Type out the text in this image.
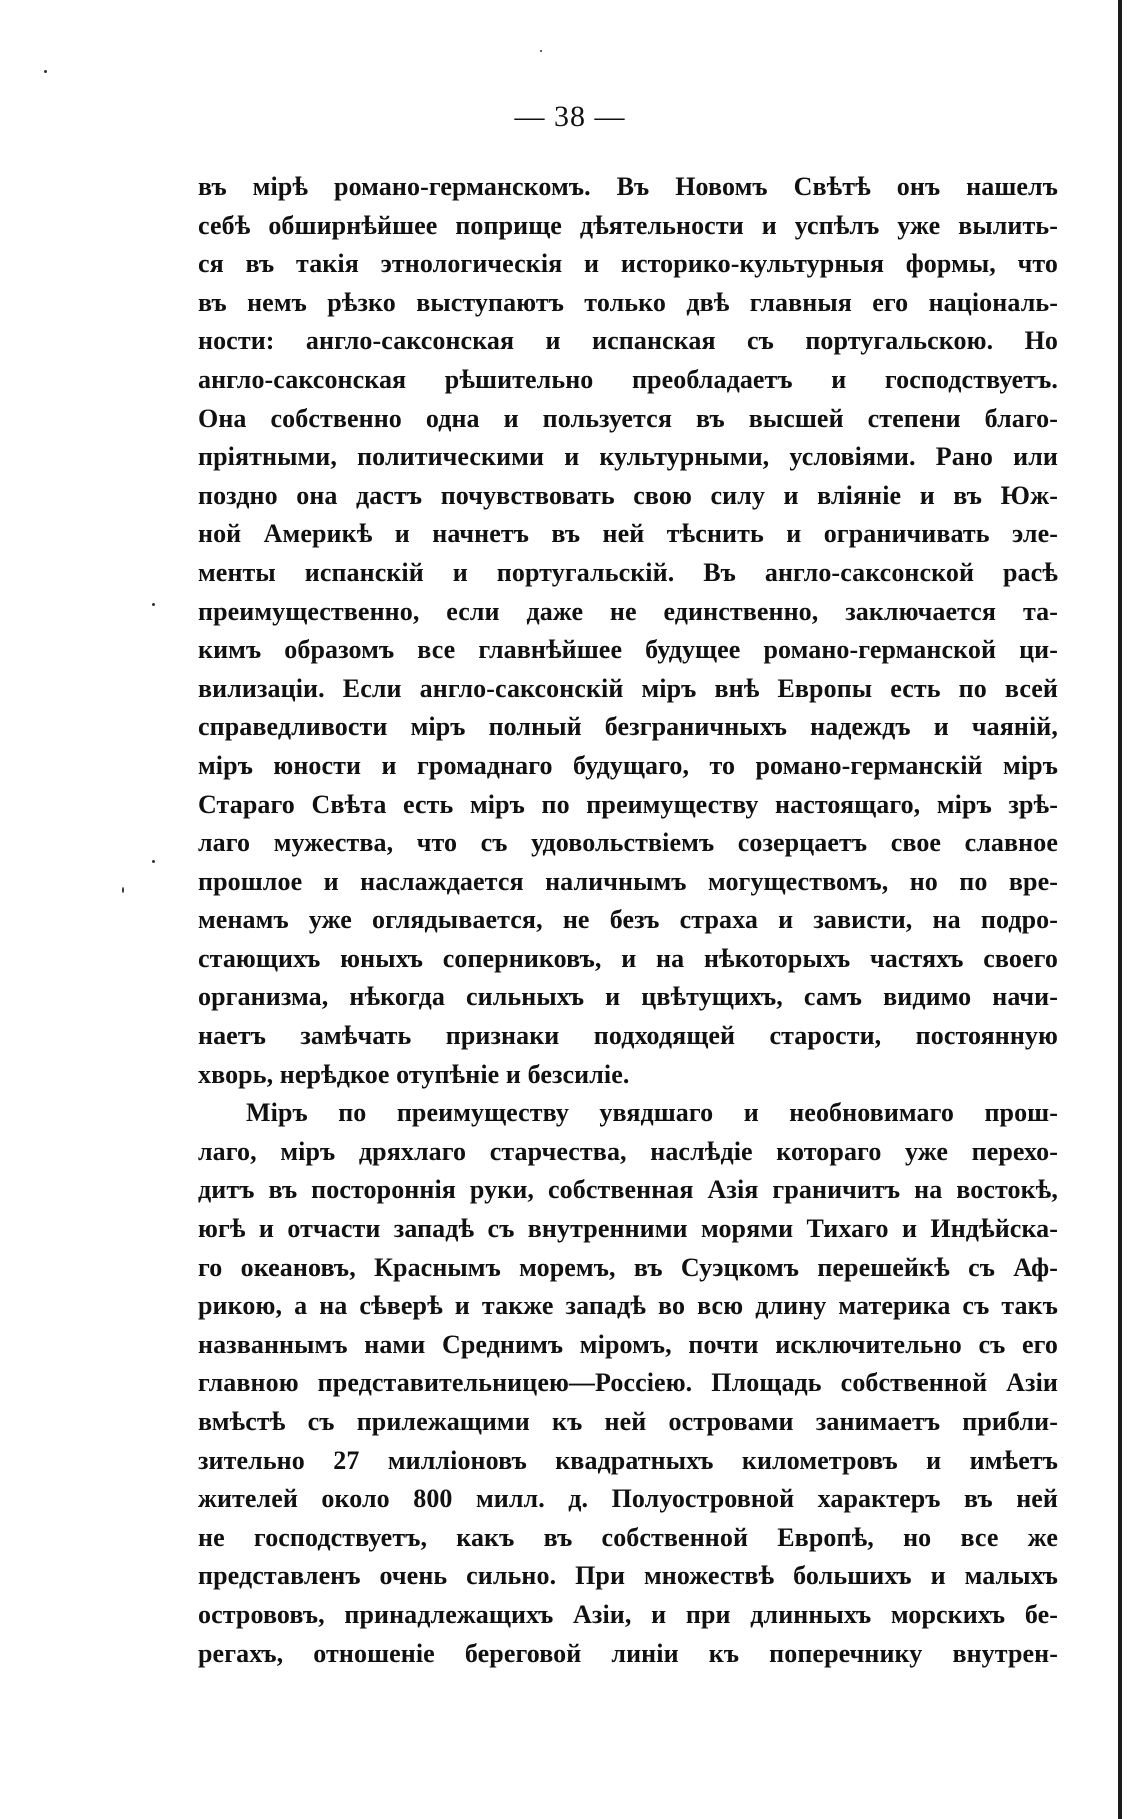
— 38 —
въ мірѣ романо-германскомъ. Въ Новомъ Свѣтѣ онъ нашелъ
себѣ обширнѣйшее поприще дѣятельности и успѣлъ уже вылить-
ся въ такія этнологическія и историко-культурныя формы, что
въ немъ рѣзко выступаютъ только двѣ главныя его національ-
ности: англо-саксонская и испанская съ португальскою. Но
англо-саксонская рѣшительно преобладаетъ и господствуетъ.
Она собственно одна и пользуется въ высшей степени благо-
пріятными, политическими и культурными, условіями. Рано или
поздно она дастъ почувствовать свою силу и вліяніе и въ Юж-
ной Америкѣ и начнетъ въ ней тѣснить и ограничивать эле-
менты испанскій и португальскій. Въ англо-саксонской расѣ
преимущественно, если даже не единственно, заключается та-
кимъ образомъ все главнѣйшее будущее романо-германской ци-
вилизаціи. Если англо-саксонскій міръ внѣ Европы есть по всей
справедливости міръ полный безграничныхъ надеждъ и чаяній,
міръ юности и громаднаго будущаго, то романо-германскій міръ
Стараго Свѣта есть міръ по преимуществу настоящаго, міръ зрѣ-
лаго мужества, что съ удовольствіемъ созерцаетъ свое славное
прошлое и наслаждается наличнымъ могуществомъ, но по вре-
менамъ уже оглядывается, не безъ страха и зависти, на подро-
стающихъ юныхъ соперниковъ, и на нѣкоторыхъ частяхъ своего
организма, нѣкогда сильныхъ и цвѣтущихъ, самъ видимо начи-
наетъ замѣчать признаки подходящей старости, постоянную
хворь, нерѣдкое отупѣніе и безсиліе.
Міръ по преимуществу увядшаго и необновимаго прош-
лаго, міръ дряхлаго старчества, наслѣдіе котораго уже перехо-
дитъ въ постороннія руки, собственная Азія граничитъ на востокѣ,
югѣ и отчасти западѣ съ внутренними морями Тихаго и Индѣйска-
го океановъ, Краснымъ моремъ, въ Суэцкомъ перешейкѣ съ Аф-
рикою, а на сѣверѣ и также западѣ во всю длину материка съ такъ
названнымъ нами Среднимъ міромъ, почти исключительно съ его
главною представительницею—Россіею. Площадь собственной Азіи
вмѣстѣ съ прилежащими къ ней островами занимаетъ прибли-
зительно 27 милліоновъ квадратныхъ километровъ и имѣетъ
жителей около 800 милл. д. Полуостровной характеръ въ ней
не господствуетъ, какъ въ собственной Европѣ, но все же
представленъ очень сильно. При множествѣ большихъ и малыхъ
острововъ, принадлежащихъ Азіи, и при длинныхъ морскихъ бе-
регахъ, отношеніе береговой линіи къ поперечнику внутрен-
